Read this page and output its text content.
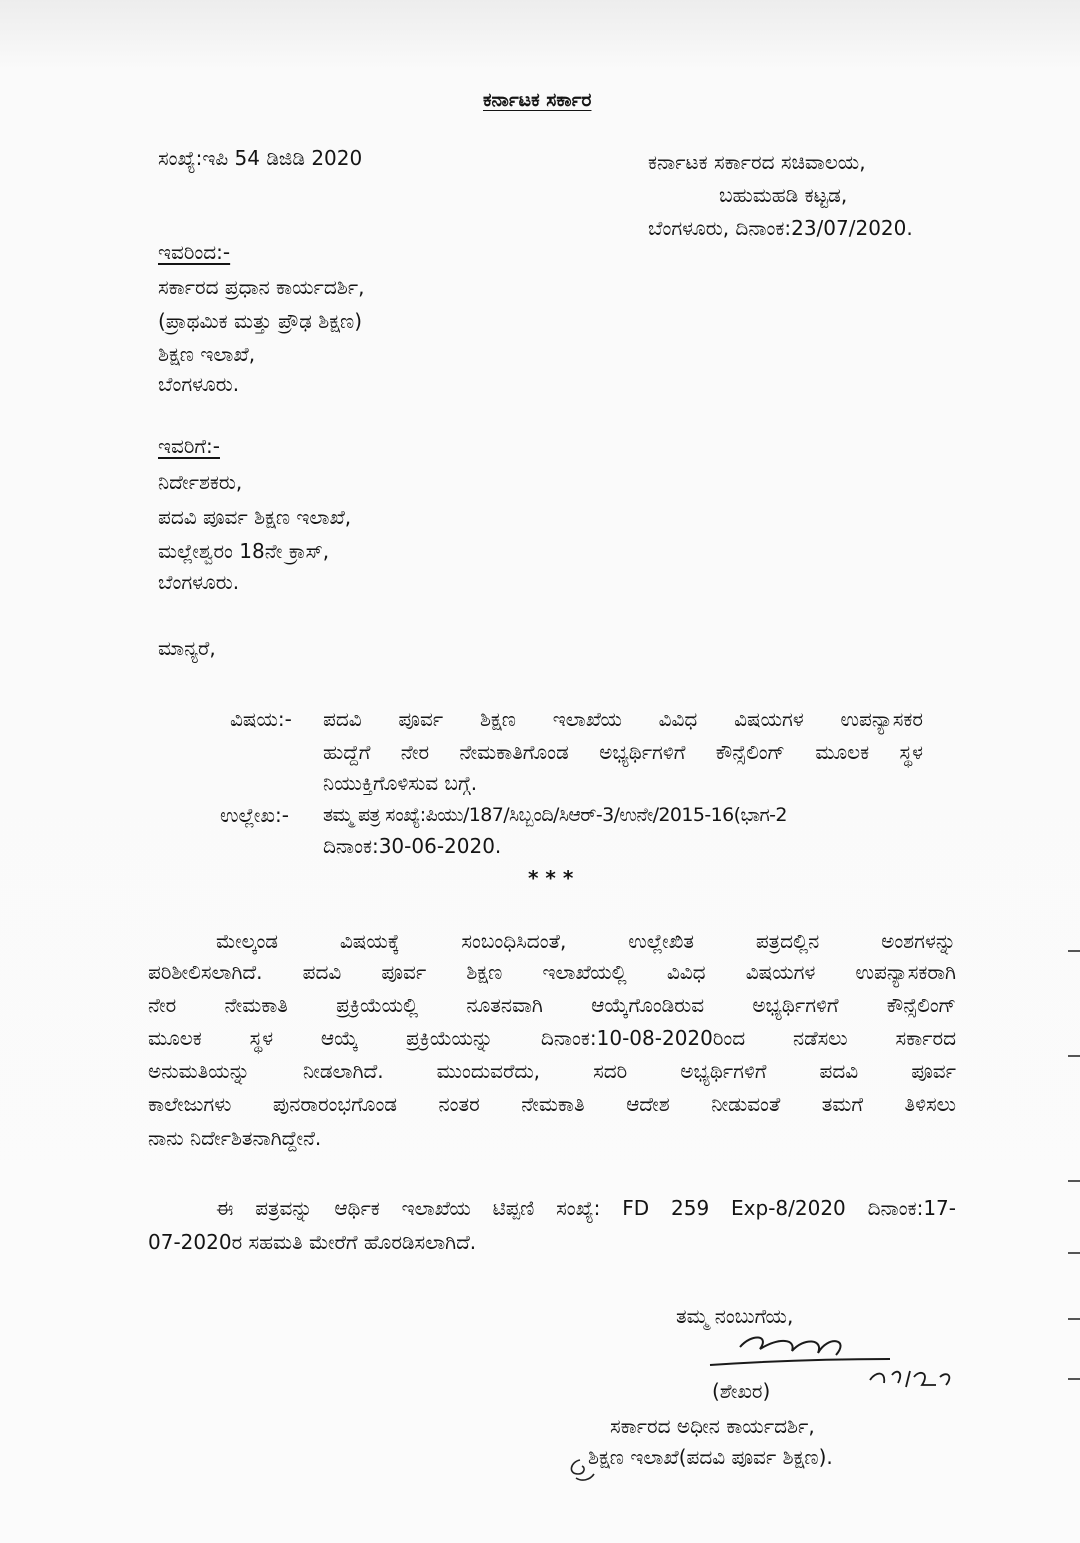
ಕರ್ನಾಟಕ ಸರ್ಕಾರ
ಸಂಖ್ಯೆ:ಇಪಿ 54 ಡಿಜಿಡಿ 2020	ಕರ್ನಾಟಕ ಸರ್ಕಾರದ ಸಚಿವಾಲಯ,
ಬಹುಮಹಡಿ ಕಟ್ಟಡ,
ಬೆಂಗಳೂರು, ದಿನಾಂಕ:23/07/2020.
ಇವರಿಂದ:-
ಸರ್ಕಾರದ ಪ್ರಧಾನ ಕಾರ್ಯದರ್ಶಿ,
(ಪ್ರಾಥಮಿಕ ಮತ್ತು ಪ್ರೌಢ ಶಿಕ್ಷಣ)
ಶಿಕ್ಷಣ ಇಲಾಖೆ,
ಬೆಂಗಳೂರು.
ಇವರಿಗೆ:-
ನಿರ್ದೇಶಕರು,
ಪದವಿ ಪೂರ್ವ ಶಿಕ್ಷಣ ಇಲಾಖೆ,
ಮಲ್ಲೇಶ್ವರಂ 18ನೇ ಕ್ರಾಸ್,
ಬೆಂಗಳೂರು.
ಮಾನ್ಯರೆ,
ವಿಷಯ:- ಪದವಿ ಪೂರ್ವ ಶಿಕ್ಷಣ ಇಲಾಖೆಯ ವಿವಿಧ ವಿಷಯಗಳ ಉಪನ್ಯಾಸಕರ
ಹುದ್ದೆಗೆ ನೇರ ನೇಮಕಾತಿಗೊಂಡ ಅಭ್ಯರ್ಥಿಗಳಿಗೆ ಕೌನ್ಸೆಲಿಂಗ್ ಮೂಲಕ ಸ್ಥಳ
ನಿಯುಕ್ತಿಗೊಳಿಸುವ ಬಗ್ಗೆ.
ಉಲ್ಲೇಖ:- ತಮ್ಮ ಪತ್ರ ಸಂಖ್ಯೆ:ಪಿಯು/187/ಸಿಬ್ಬಂದಿ/ಸಿಆರ್-3/ಉನೇ/2015-16(ಭಾಗ-2
ದಿನಾಂಕ:30-06-2020.
* * *
ಮೇಲ್ಕಂಡ ವಿಷಯಕ್ಕೆ ಸಂಬಂಧಿಸಿದಂತೆ, ಉಲ್ಲೇಖಿತ ಪತ್ರದಲ್ಲಿನ ಅಂಶಗಳನ್ನು
ಪರಿಶೀಲಿಸಲಾಗಿದೆ. ಪದವಿ ಪೂರ್ವ ಶಿಕ್ಷಣ ಇಲಾಖೆಯಲ್ಲಿ ವಿವಿಧ ವಿಷಯಗಳ ಉಪನ್ಯಾಸಕರಾಗಿ
ನೇರ ನೇಮಕಾತಿ ಪ್ರಕ್ರಿಯೆಯಲ್ಲಿ ನೂತನವಾಗಿ ಆಯ್ಕೆಗೊಂಡಿರುವ ಅಭ್ಯರ್ಥಿಗಳಿಗೆ ಕೌನ್ಸೆಲಿಂಗ್
ಮೂಲಕ ಸ್ಥಳ ಆಯ್ಕೆ ಪ್ರಕ್ರಿಯೆಯನ್ನು ದಿನಾಂಕ:10-08-2020ರಿಂದ ನಡೆಸಲು ಸರ್ಕಾರದ
ಅನುಮತಿಯನ್ನು ನೀಡಲಾಗಿದೆ. ಮುಂದುವರೆದು, ಸದರಿ ಅಭ್ಯರ್ಥಿಗಳಿಗೆ ಪದವಿ ಪೂರ್ವ
ಕಾಲೇಜುಗಳು ಪುನರಾರಂಭಗೊಂಡ ನಂತರ ನೇಮಕಾತಿ ಆದೇಶ ನೀಡುವಂತೆ ತಮಗೆ ತಿಳಿಸಲು
ನಾನು ನಿರ್ದೇಶಿತನಾಗಿದ್ದೇನೆ.
ಈ ಪತ್ರವನ್ನು ಆರ್ಥಿಕ ಇಲಾಖೆಯ ಟಿಪ್ಪಣಿ ಸಂಖ್ಯೆ: FD 259 Exp-8/2020 ದಿನಾಂಕ:17-
07-2020ರ ಸಹಮತಿ ಮೇರೆಗೆ ಹೊರಡಿಸಲಾಗಿದೆ.
ತಮ್ಮ ನಂಬುಗೆಯ,
(ಶೇಖರ)
ಸರ್ಕಾರದ ಅಧೀನ ಕಾರ್ಯದರ್ಶಿ,
ಶಿಕ್ಷಣ ಇಲಾಖೆ(ಪದವಿ ಪೂರ್ವ ಶಿಕ್ಷಣ).
